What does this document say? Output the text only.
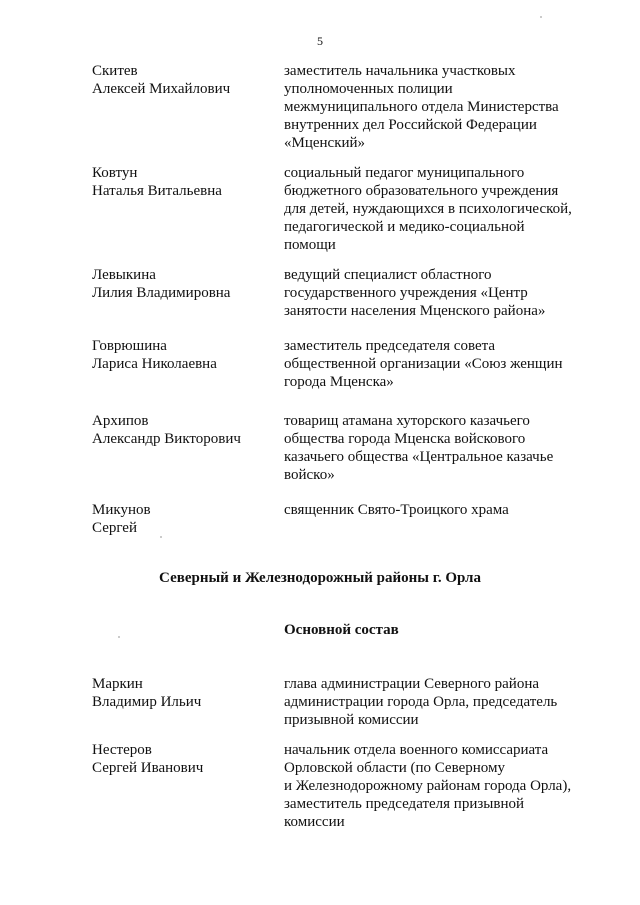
5
Скитев
Алексей Михайлович
заместитель начальника участковых
уполномоченных полиции
межмуниципального отдела Министерства
внутренних дел Российской Федерации
«Мценский»
Ковтун
Наталья Витальевна
социальный педагог муниципального
бюджетного образовательного учреждения
для детей, нуждающихся в психологической,
педагогической и медико-социальной
помощи
Левыкина
Лилия Владимировна
ведущий специалист областного
государственного учреждения «Центр
занятости населения Мценского района»
Говрюшина
Лариса Николаевна
заместитель председателя совета
общественной организации «Союз женщин
города Мценска»
Архипов
Александр Викторович
товарищ атамана хуторского казачьего
общества города Мценска войскового
казачьего общества «Центральное казачье
войско»
Микунов
Сергей
священник Свято-Троицкого храма
Северный и Железнодорожный районы г. Орла
Основной состав
Маркин
Владимир Ильич
глава администрации Северного района
администрации города Орла, председатель
призывной комиссии
Нестеров
Сергей Иванович
начальник отдела военного комиссариата
Орловской области (по Северному
и Железнодорожному районам города Орла),
заместитель председателя призывной
комиссии
